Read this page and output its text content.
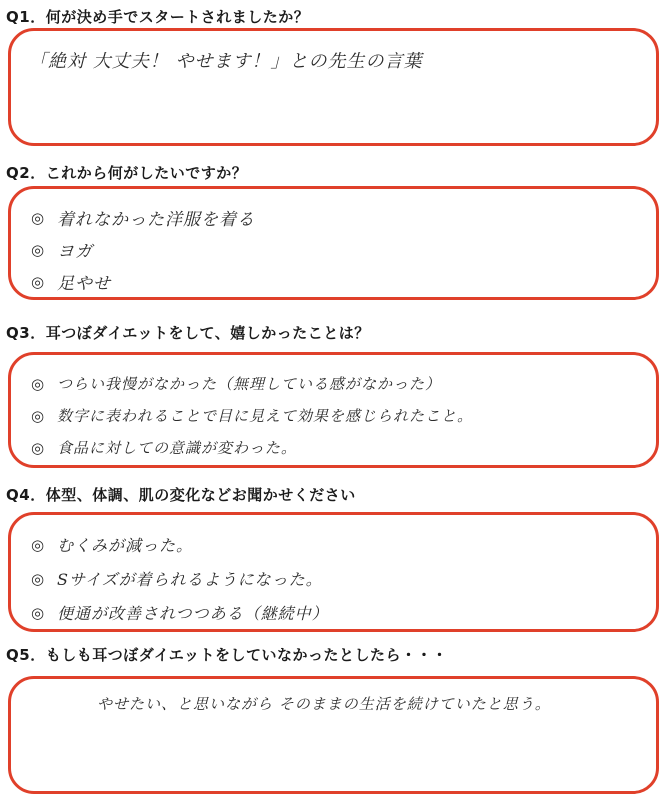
Q1．何が決め手でスタートされましたか？
「絶対 大丈夫！ やせます！」との先生の言葉
Q2．これから何がしたいですか？
◎ 着れなかった洋服を着る
◎ ヨガ
◎ 足やせ
Q3．耳つぼダイエットをして、嬉しかったことは？
◎ つらい我慢がなかった（無理している感がなかった）
◎ 数字に表われることで目に見えて効果を感じられたこと。
◎ 食品に対しての意識が変わった。
Q4．体型、体調、肌の変化などお聞かせください
◎ むくみが減った。
◎ Sサイズが着られるようになった。
◎ 便通が改善されつつある（継続中）
Q5．もしも耳つぼダイエットをしていなかったとしたら・・・
やせたい、と思いながら そのままの生活を続けていたと思う。
